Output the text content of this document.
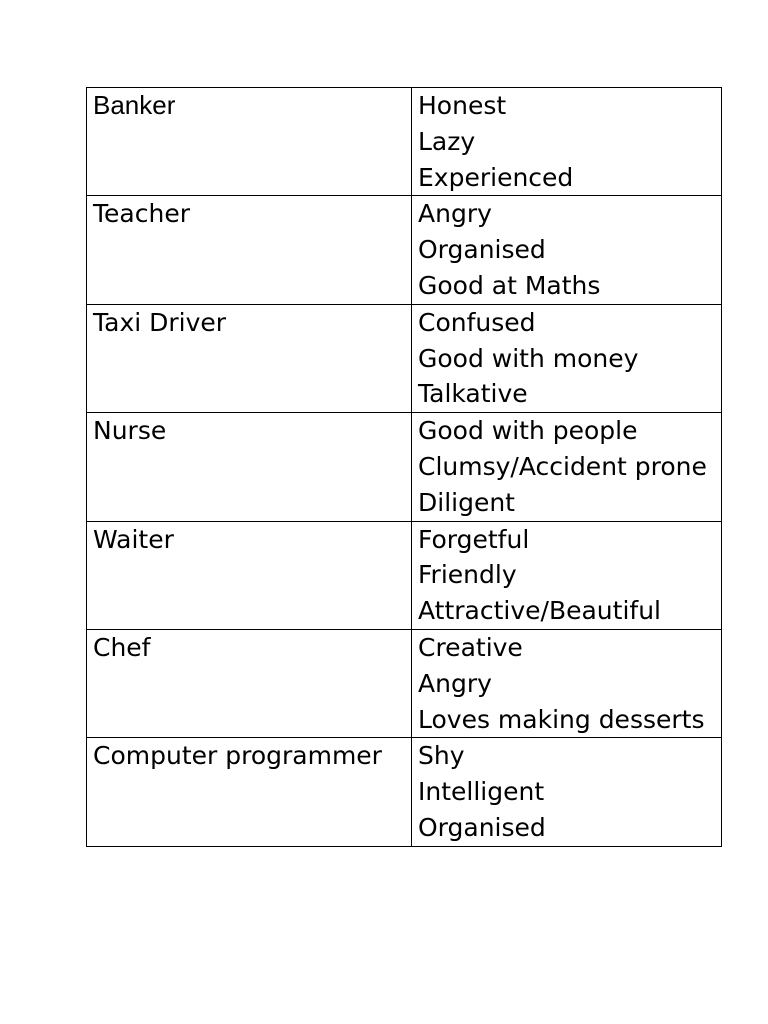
Banker	Honest
Lazy
Experienced

Teacher	Angry
Organised
Good at Maths

Taxi Driver	Confused
Good with money
Talkative

Nurse	Good with people
Clumsy/Accident prone
Diligent

Waiter	Forgetful
Friendly
Attractive/Beautiful

Chef	Creative
Angry
Loves making desserts

Computer programmer	Shy
Intelligent
Organised
